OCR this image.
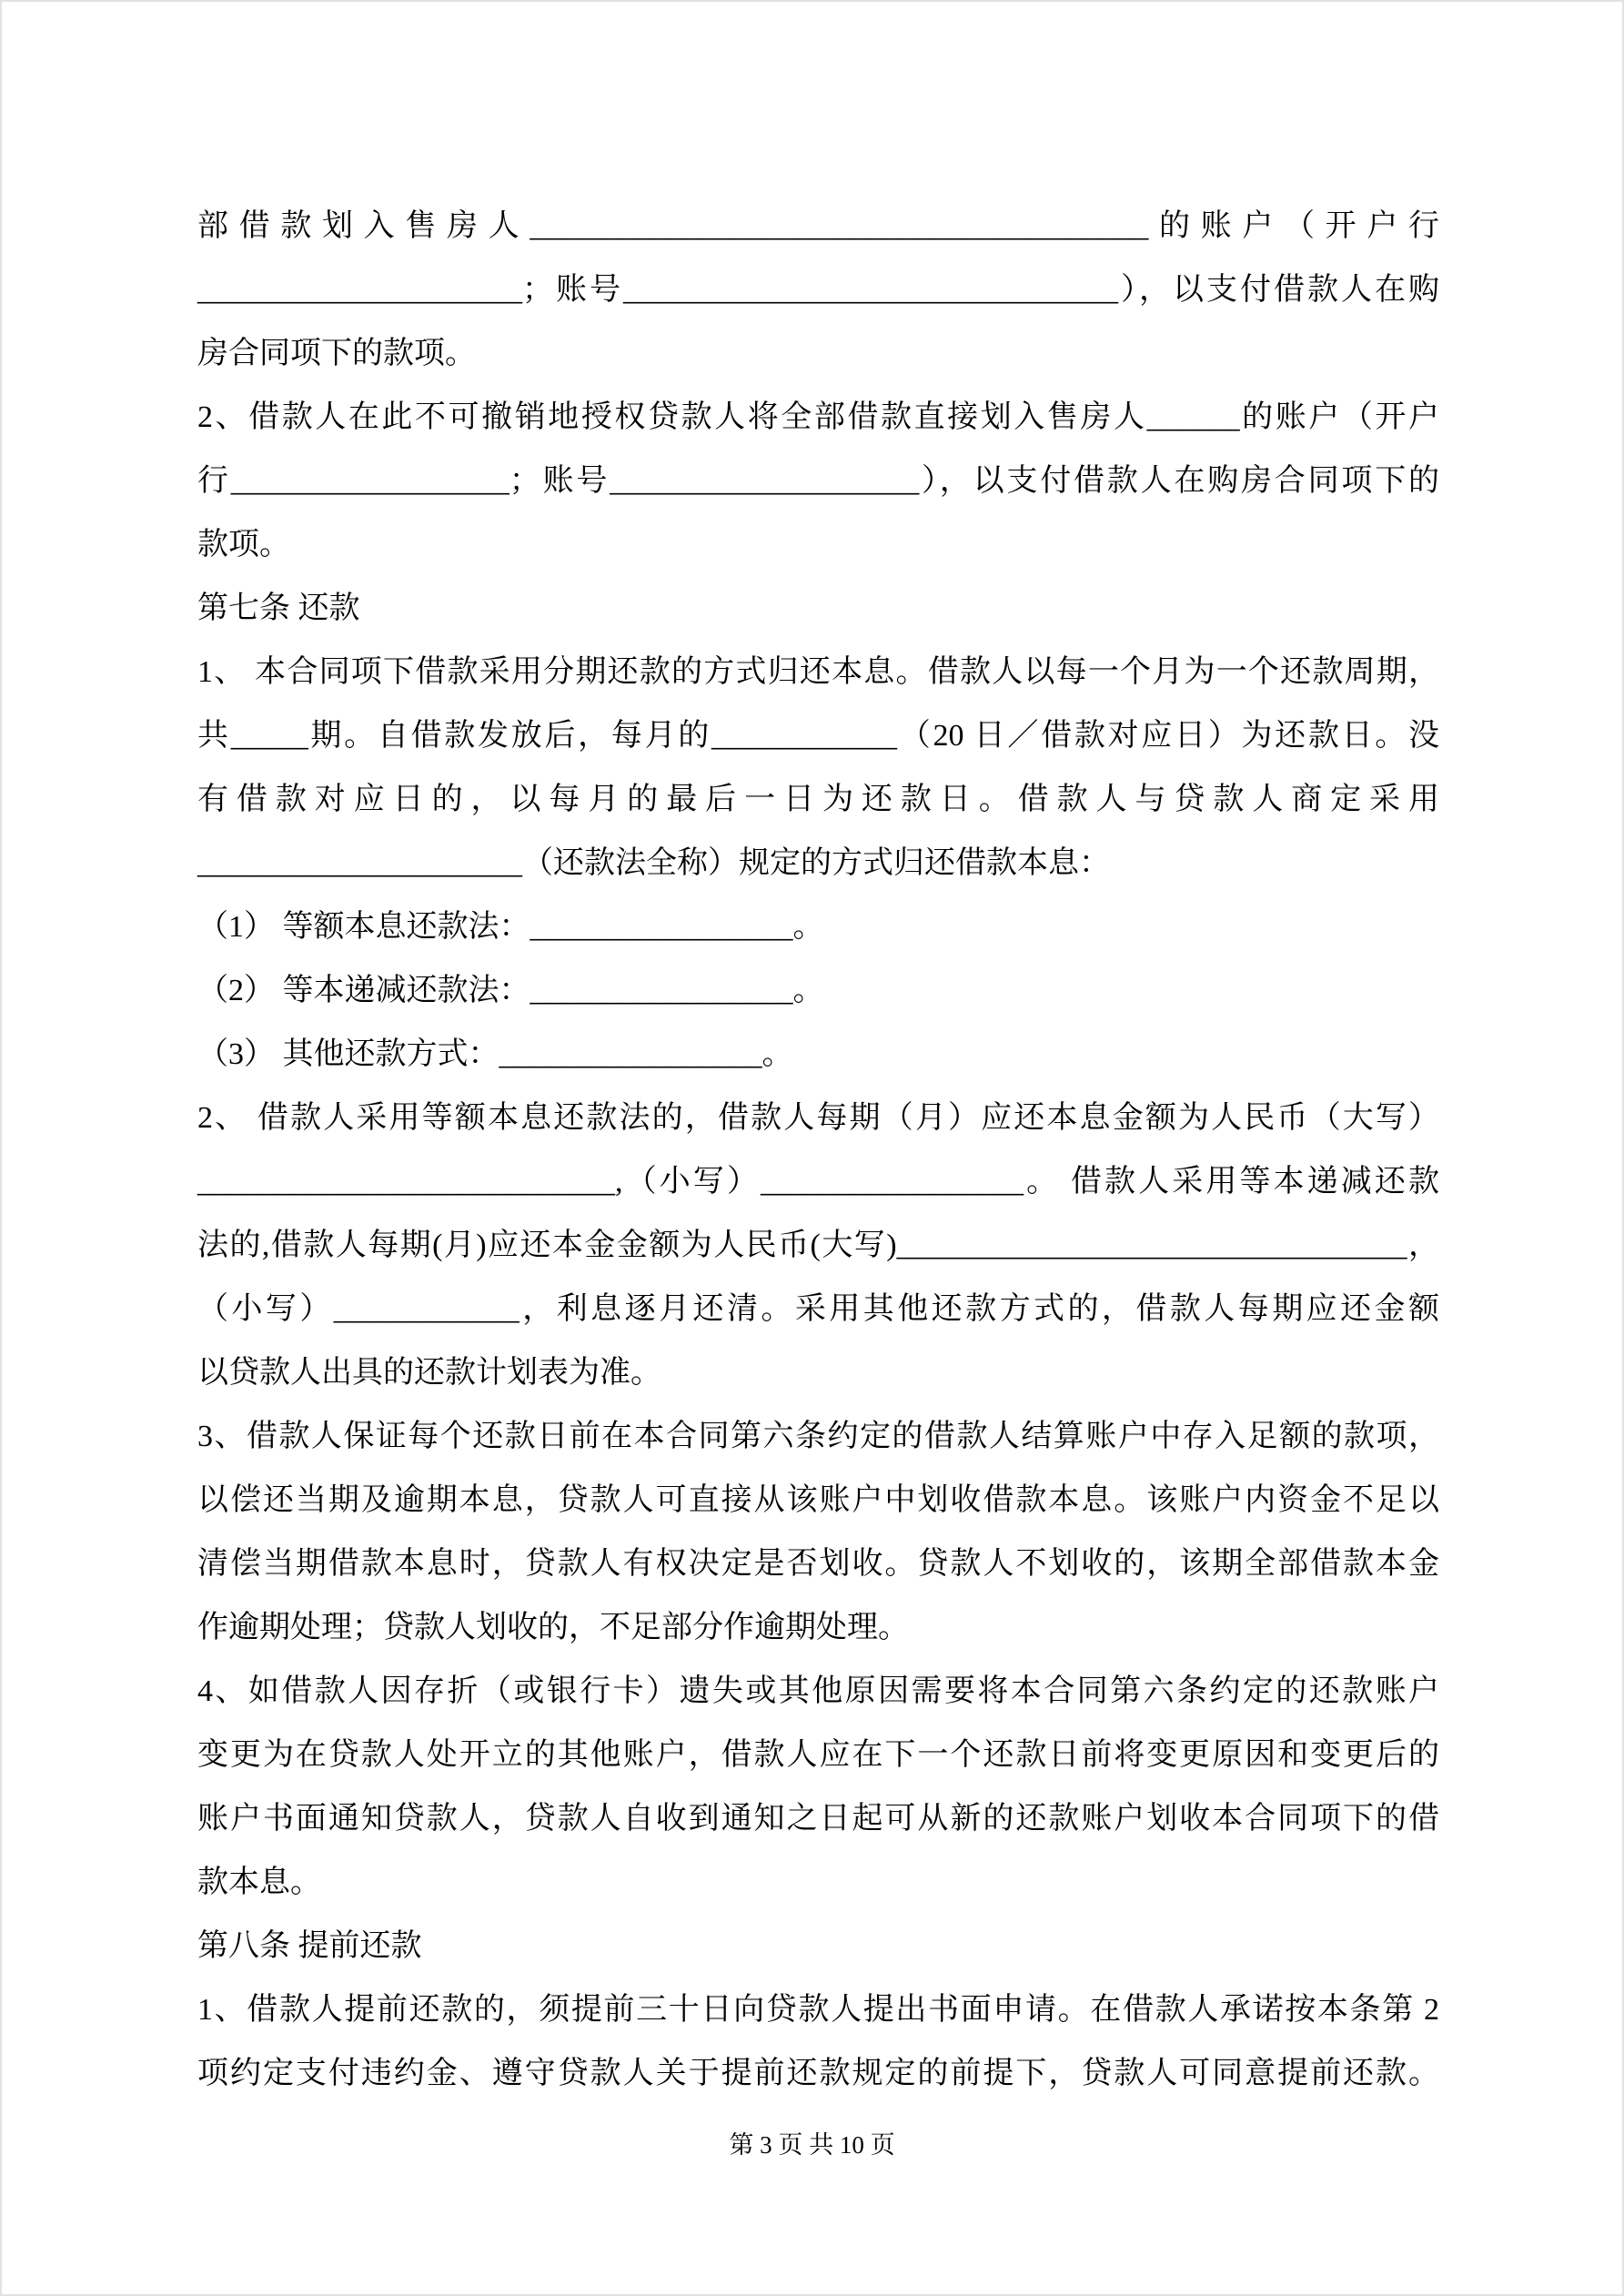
部借款划入售房人________________________________________的账户（开户行
_____________________；账号________________________________），以支付借款人在购
房合同项下的款项。
2、借款人在此不可撤销地授权贷款人将全部借款直接划入售房人______的账户（开户
行__________________；账号____________________），以支付借款人在购房合同项下的
款项。
第七条 还款
1、 本合同项下借款采用分期还款的方式归还本息。借款人以每一个月为一个还款周期，
共_____期。自借款发放后，每月的____________（20 日／借款对应日）为还款日。没
有借款对应日的，以每月的最后一日为还款日。借款人与贷款人商定采用
_____________________（还款法全称）规定的方式归还借款本息：
（1） 等额本息还款法：_________________。
（2） 等本递减还款法：_________________。
（3） 其他还款方式：_________________。
2、 借款人采用等额本息还款法的，借款人每期（月）应还本息金额为人民币（大写）
___________________________,（小写）_________________。 借款人采用等本递减还款
法的,借款人每期(月)应还本金金额为人民币(大写)_________________________________，
（小写）____________，利息逐月还清。采用其他还款方式的，借款人每期应还金额
以贷款人出具的还款计划表为准。
3、借款人保证每个还款日前在本合同第六条约定的借款人结算账户中存入足额的款项，
以偿还当期及逾期本息，贷款人可直接从该账户中划收借款本息。该账户内资金不足以
清偿当期借款本息时，贷款人有权决定是否划收。贷款人不划收的，该期全部借款本金
作逾期处理；贷款人划收的，不足部分作逾期处理。
4、如借款人因存折（或银行卡）遗失或其他原因需要将本合同第六条约定的还款账户
变更为在贷款人处开立的其他账户，借款人应在下一个还款日前将变更原因和变更后的
账户书面通知贷款人，贷款人自收到通知之日起可从新的还款账户划收本合同项下的借
款本息。
第八条 提前还款
1、借款人提前还款的，须提前三十日向贷款人提出书面申请。在借款人承诺按本条第 2
项约定支付违约金、遵守贷款人关于提前还款规定的前提下，贷款人可同意提前还款。
第 3 页 共 10 页
